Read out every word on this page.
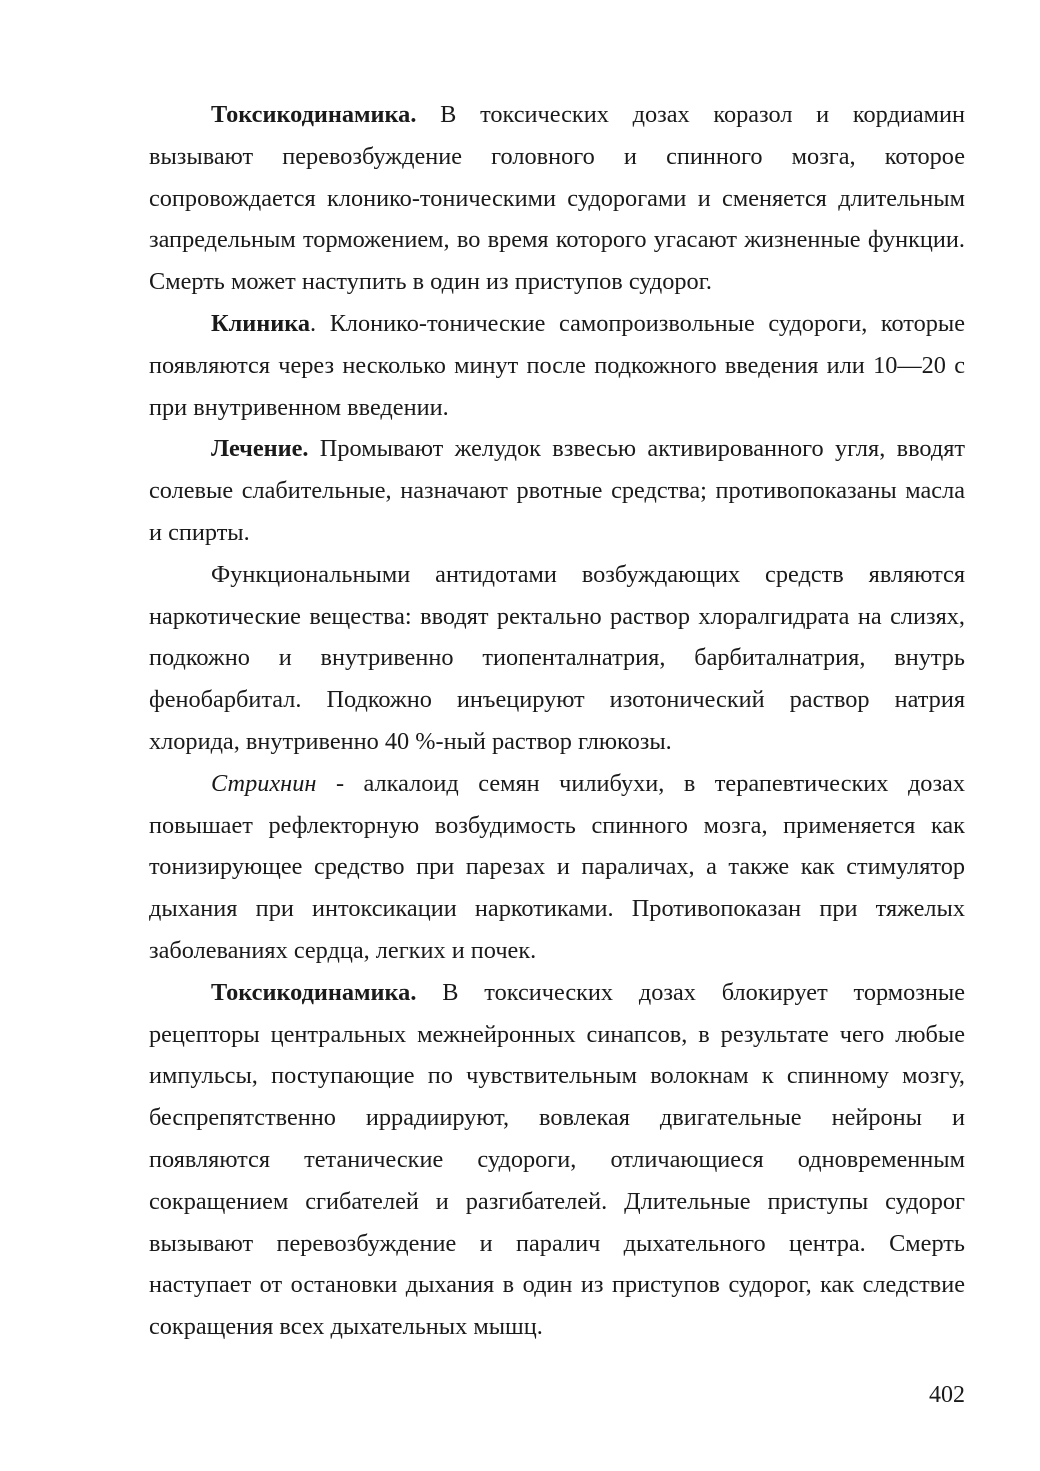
Токсикодинамика. В токсических дозах коразол и кордиамин вызывают перевозбуждение головного и спинного мозга, которое сопровождается клонико-тоническими судорогами и сменяется длительным запредельным торможением, во время которого угасают жизненные функции. Смерть может наступить в один из приступов судорог.

Клиника. Клонико-тонические самопроизвольные судороги, которые появляются через несколько минут после подкожного введения или 10—20 с при внутривенном введении.

Лечение. Промывают желудок взвесью активированного угля, вводят солевые слабительные, назначают рвотные средства; противопоказаны масла и спирты.

Функциональными антидотами возбуждающих средств являются наркотические вещества: вводят ректально раствор хлоралгидрата на слизях, подкожно и внутривенно тиопенталнатрия, барбиталнатрия, внутрь фенобарбитал. Подкожно инъецируют изотонический раствор натрия хлорида, внутривенно 40 %-ный раствор глюкозы.

Стрихнин - алкалоид семян чилибухи, в терапевтических дозах повышает рефлекторную возбудимость спинного мозга, применяется как тонизирующее средство при парезах и параличах, а также как стимулятор дыхания при интоксикации наркотиками. Противопоказан при тяжелых заболеваниях сердца, легких и почек.

Токсикодинамика. В токсических дозах блокирует тормозные рецепторы центральных межнейронных синапсов, в результате чего любые импульсы, поступающие по чувствительным волокнам к спинному мозгу, беспрепятственно иррадиируют, вовлекая двигательные нейроны и появляются тетанические судороги, отличающиеся одновременным сокращением сгибателей и разгибателей. Длительные приступы судорог вызывают перевозбуждение и паралич дыхательного центра. Смерть наступает от остановки дыхания в один из приступов судорог, как следствие сокращения всех дыхательных мышц.

402
